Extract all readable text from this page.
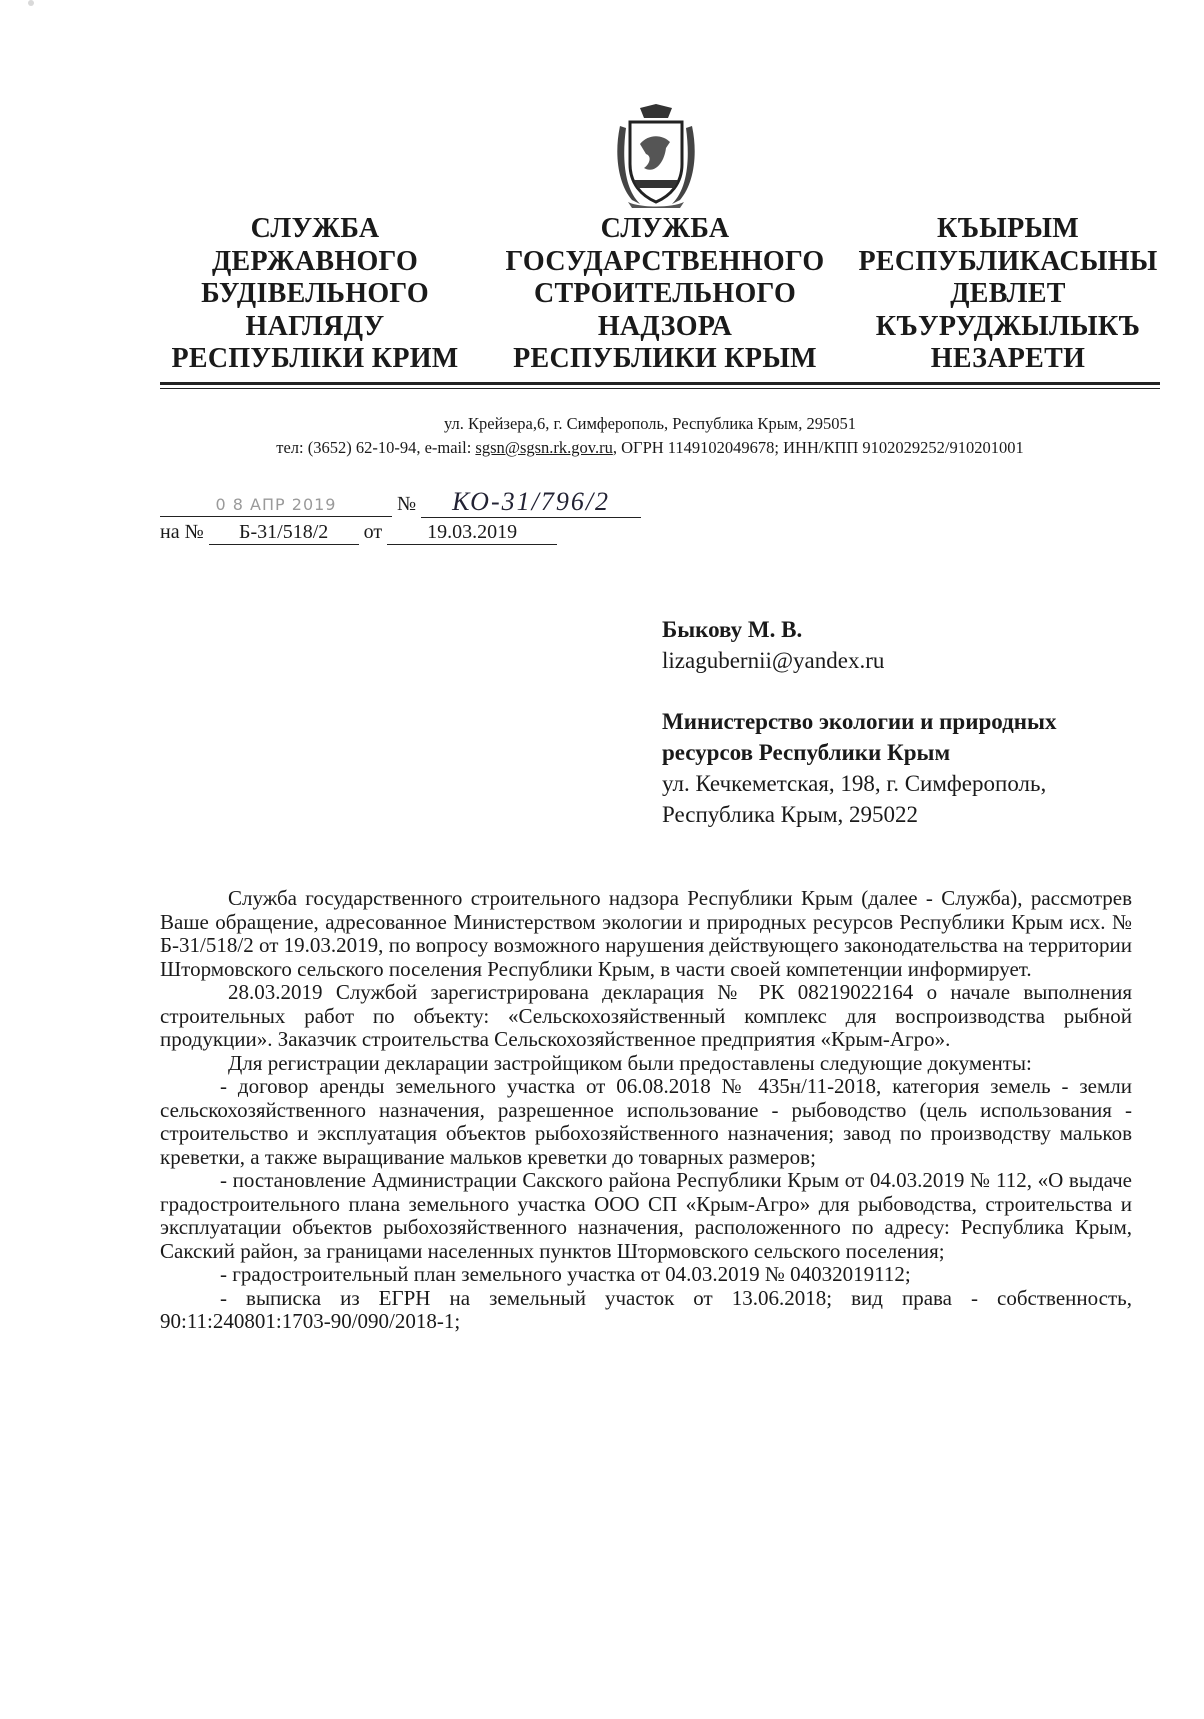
СЛУЖБА
ДЕРЖАВНОГО
БУДІВЕЛЬНОГО
НАГЛЯДУ
РЕСПУБЛІКИ КРИМ
СЛУЖБА
ГОСУДАРСТВЕННОГО
СТРОИТЕЛЬНОГО
НАДЗОРА
РЕСПУБЛИКИ КРЫМ
КЪЫРЫМ
РЕСПУБЛИКАСЫНЫ
ДЕВЛЕТ
КЪУРУДЖЫЛЫКЪ
НЕЗАРЕТИ
ул. Крейзера,6, г. Симферополь, Республика Крым, 295051
тел: (3652) 62-10-94, e-mail: sgsn@sgsn.rk.gov.ru, ОГРН 1149102049678; ИНН/КПП 9102029252/910201001
0 8 АПР 2019	№ КО-31/796/2
на № Б-31/518/2 от 19.03.2019
Быкову М. В.
lizagubernii@yandex.ru
Министерство экологии и природных
ресурсов Республики Крым
ул. Кечкеметская, 198, г. Симферополь,
Республика Крым, 295022

Служба государственного строительного надзора Республики Крым (далее - Служба), рассмотрев Ваше обращение, адресованное Министерством экологии и природных ресурсов Республики Крым исх. № Б-31/518/2 от 19.03.2019, по вопросу возможного нарушения действующего законодательства на территории Штормовского сельского поселения Республики Крым, в части своей компетенции информирует.

28.03.2019 Службой зарегистрирована декларация № РК 08219022164 о начале выполнения строительных работ по объекту: «Сельскохозяйственный комплекс для воспроизводства рыбной продукции». Заказчик строительства Сельскохозяйственное предприятия «Крым-Агро».

Для регистрации декларации застройщиком были предоставлены следующие документы:

- договор аренды земельного участка от 06.08.2018 № 435н/11-2018, категория земель - земли сельскохозяйственного назначения, разрешенное использование - рыбоводство (цель использования - строительство и эксплуатация объектов рыбохозяйственного назначения; завод по производству мальков креветки, а также выращивание мальков креветки до товарных размеров;

- постановление Администрации Сакского района Республики Крым от 04.03.2019 № 112, «О выдаче градостроительного плана земельного участка ООО СП «Крым-Агро» для рыбоводства, строительства и эксплуатации объектов рыбохозяйственного назначения, расположенного по адресу: Республика Крым, Сакский район, за границами населенных пунктов Штормовского сельского поселения;

- градостроительный план земельного участка от 04.03.2019 № 04032019112;

- выписка из ЕГРН на земельный участок от 13.06.2018; вид права - собственность, 90:11:240801:1703-90/090/2018-1;
